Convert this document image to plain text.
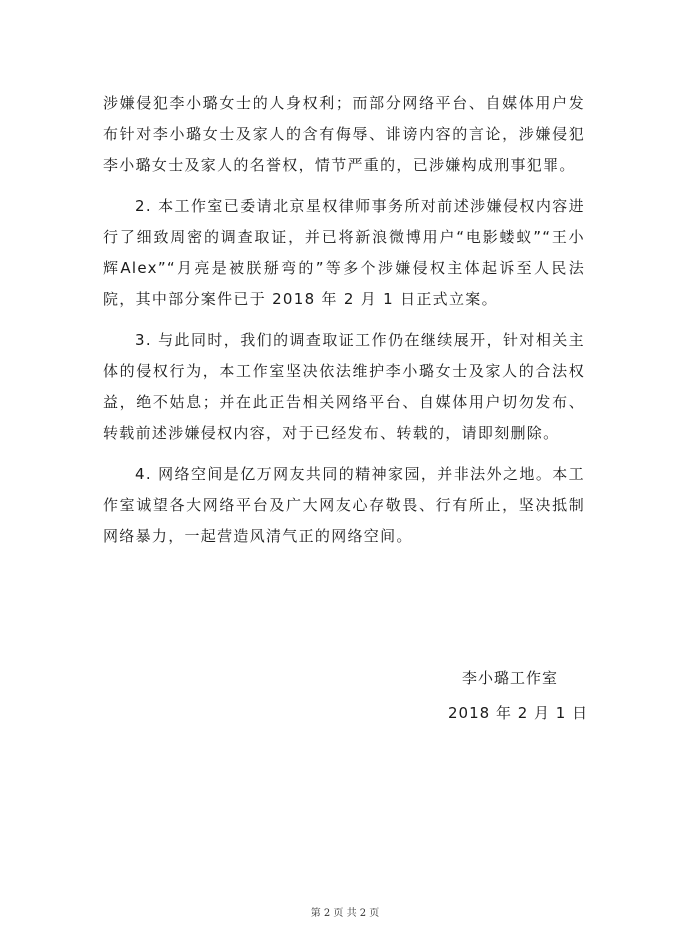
涉嫌侵犯李小璐女士的人身权利；而部分网络平台、自媒体用户发布针对李小璐女士及家人的含有侮辱、诽谤内容的言论，涉嫌侵犯李小璐女士及家人的名誉权，情节严重的，已涉嫌构成刑事犯罪。

2. 本工作室已委请北京星权律师事务所对前述涉嫌侵权内容进行了细致周密的调查取证，并已将新浪微博用户“电影蝼蚁”“王小辉Alex”“月亮是被朕掰弯的”等多个涉嫌侵权主体起诉至人民法院，其中部分案件已于 2018 年 2 月 1 日正式立案。

3. 与此同时，我们的调查取证工作仍在继续展开，针对相关主体的侵权行为，本工作室坚决依法维护李小璐女士及家人的合法权益，绝不姑息；并在此正告相关网络平台、自媒体用户切勿发布、转载前述涉嫌侵权内容，对于已经发布、转载的，请即刻删除。

4. 网络空间是亿万网友共同的精神家园，并非法外之地。本工作室诚望各大网络平台及广大网友心存敬畏、行有所止，坚决抵制网络暴力，一起营造风清气正的网络空间。

李小璐工作室
2018 年 2 月 1 日
第 2 页 共 2 页
